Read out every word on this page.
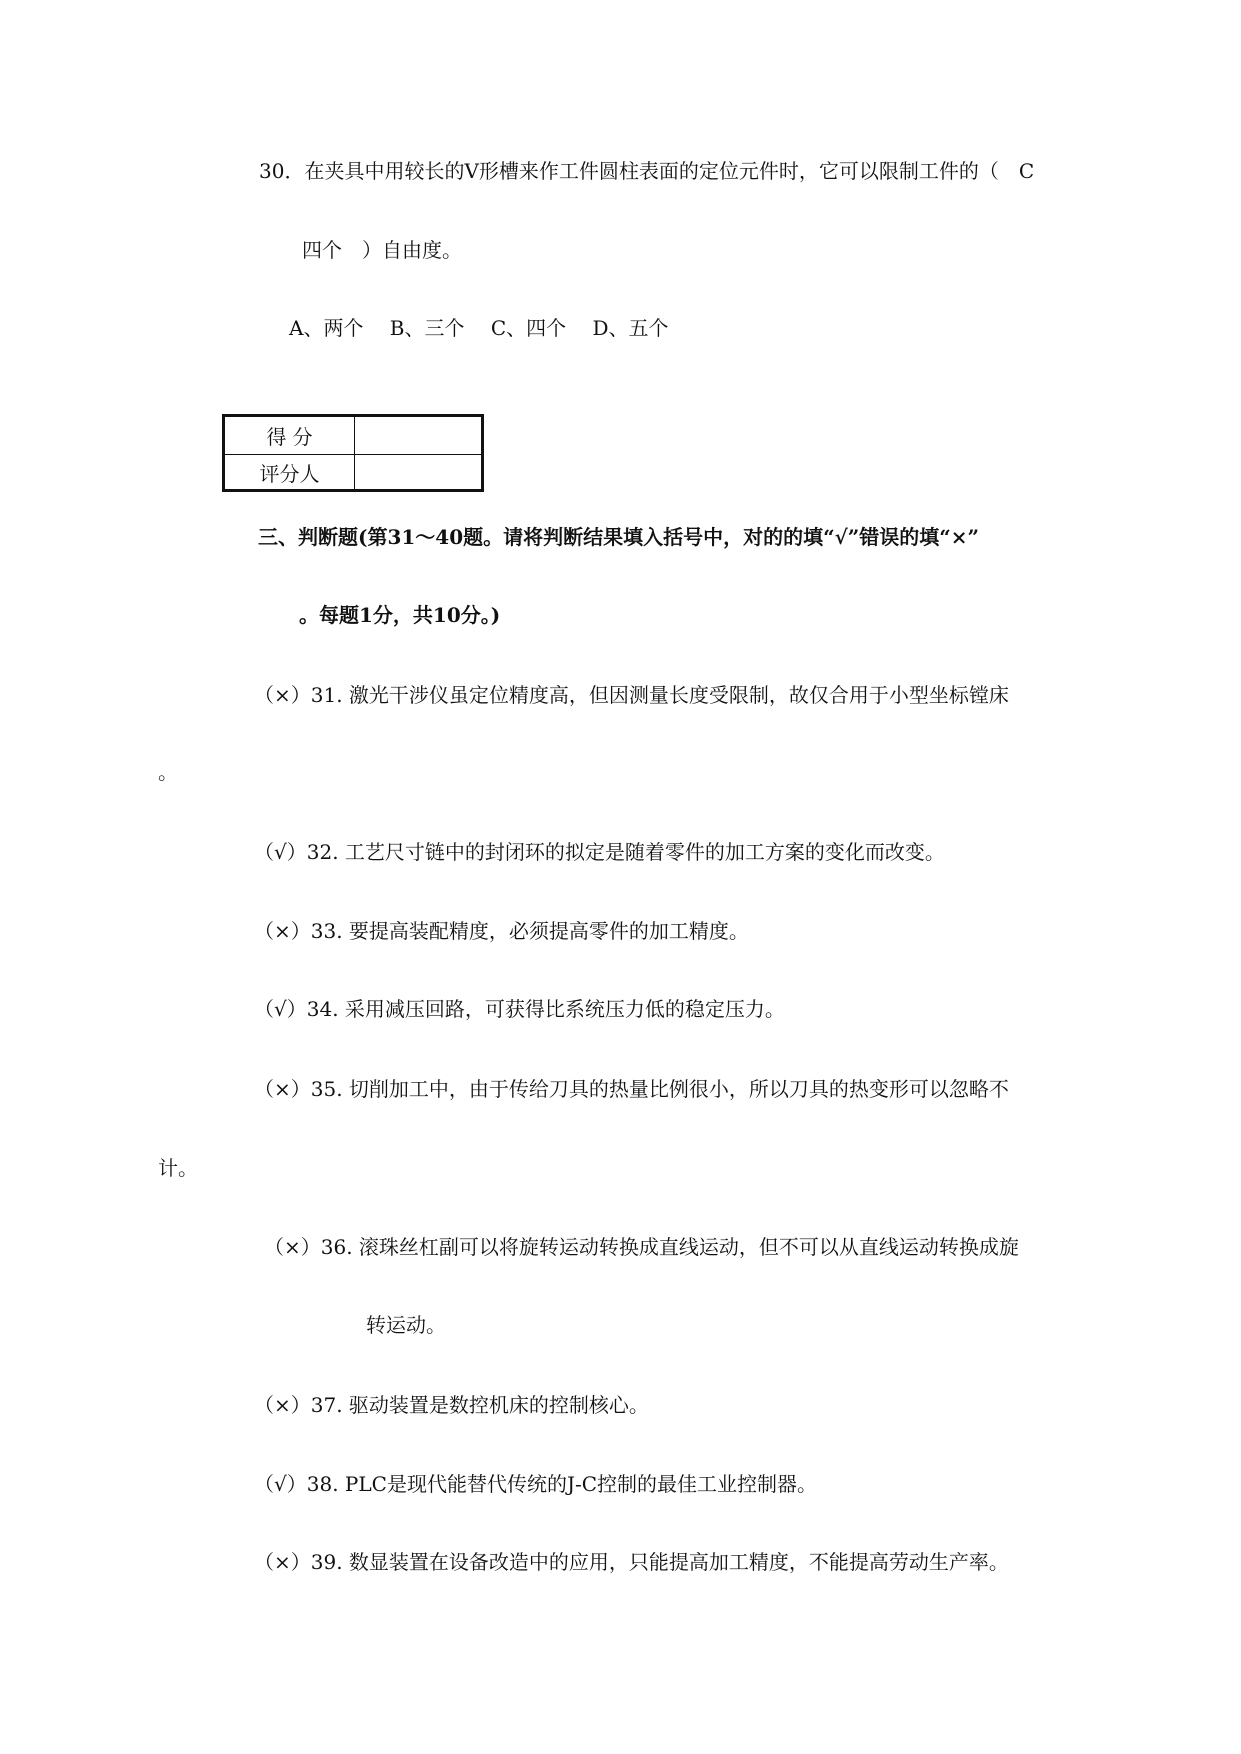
30．在夹具中用较长的V形槽来作工件圆柱表面的定位元件时，它可以限制工件的（　C
四个　）自由度。
A、两个　 B、三个　 C、四个　 D、五个
得 分
评分人
三、判断题(第31～40题。请将判断结果填入括号中，对的的填“√”错误的填“×”
。每题1分，共10分。)
（×）31. 激光干涉仪虽定位精度高，但因测量长度受限制，故仅合用于小型坐标镗床
。
（√）32. 工艺尺寸链中的封闭环的拟定是随着零件的加工方案的变化而改变。
（×）33. 要提高装配精度，必须提高零件的加工精度。
（√）34. 采用减压回路，可获得比系统压力低的稳定压力。
（×）35. 切削加工中，由于传给刀具的热量比例很小，所以刀具的热变形可以忽略不
计。
（×）36. 滚珠丝杠副可以将旋转运动转换成直线运动，但不可以从直线运动转换成旋
转运动。
（×）37. 驱动装置是数控机床的控制核心。
（√）38. PLC是现代能替代传统的J-C控制的最佳工业控制器。
（×）39. 数显装置在设备改造中的应用，只能提高加工精度，不能提高劳动生产率。
